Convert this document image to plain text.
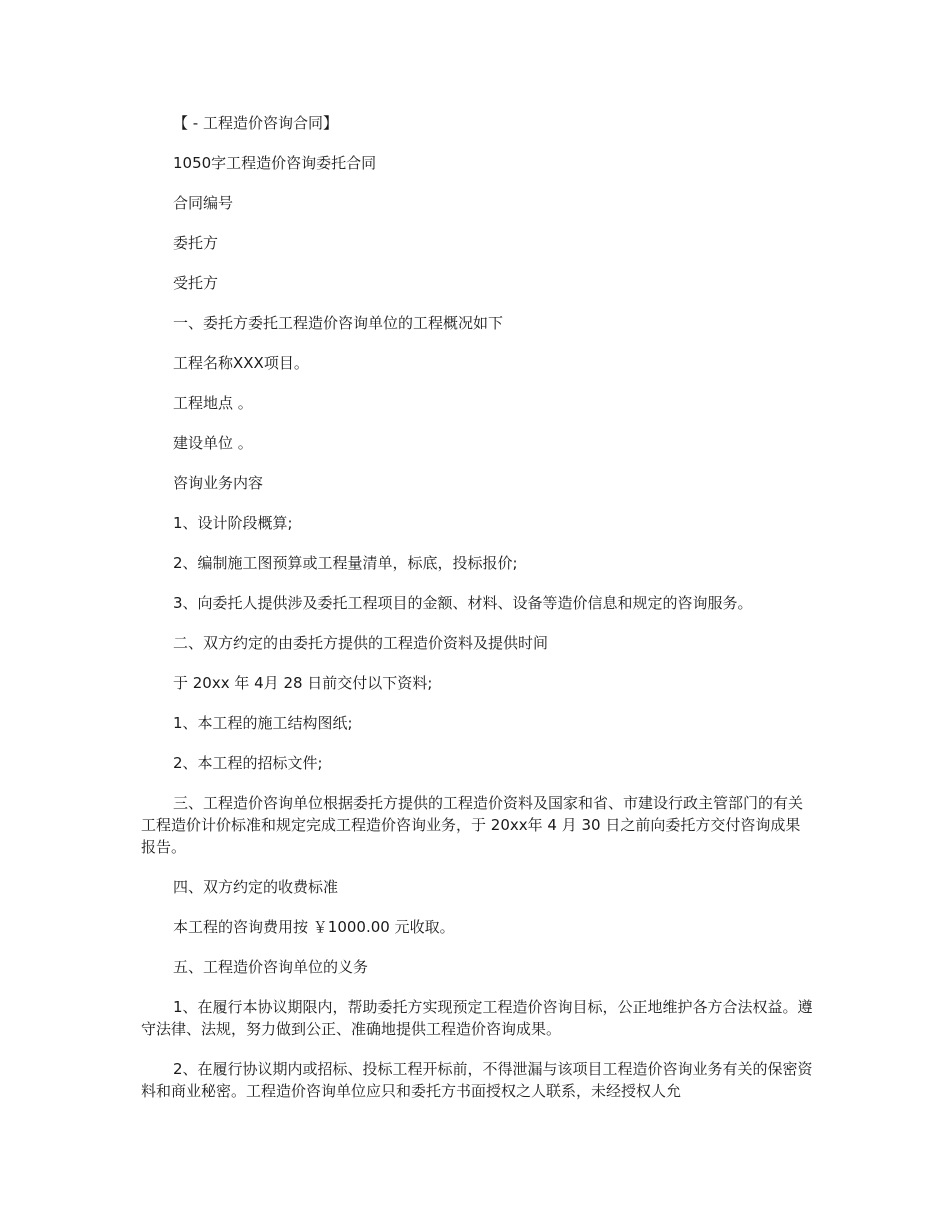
【 - 工程造价咨询合同】

1050字工程造价咨询委托合同

合同编号

委托方

受托方

一、委托方委托工程造价咨询单位的工程概况如下

工程名称XXX项目。

工程地点 。

建设单位 。

咨询业务内容

1、设计阶段概算;

2、编制施工图预算或工程量清单，标底，投标报价;

3、向委托人提供涉及委托工程项目的金额、材料、设备等造价信息和规定的咨询服务。

二、双方约定的由委托方提供的工程造价资料及提供时间

于 20xx 年 4月 28 日前交付以下资料;

1、本工程的施工结构图纸;

2、本工程的招标文件;

三、工程造价咨询单位根据委托方提供的工程造价资料及国家和省、市建设行政主管部门的有关工程造价计价标准和规定完成工程造价咨询业务，于 20xx年 4 月 30 日之前向委托方交付咨询成果报告。

四、双方约定的收费标准

本工程的咨询费用按 ￥1000.00 元收取。

五、工程造价咨询单位的义务

1、在履行本协议期限内，帮助委托方实现预定工程造价咨询目标，公正地维护各方合法权益。遵守法律、法规，努力做到公正、准确地提供工程造价咨询成果。

2、在履行协议期内或招标、投标工程开标前，不得泄漏与该项目工程造价咨询业务有关的保密资料和商业秘密。工程造价咨询单位应只和委托方书面授权之人联系，未经授权人允
